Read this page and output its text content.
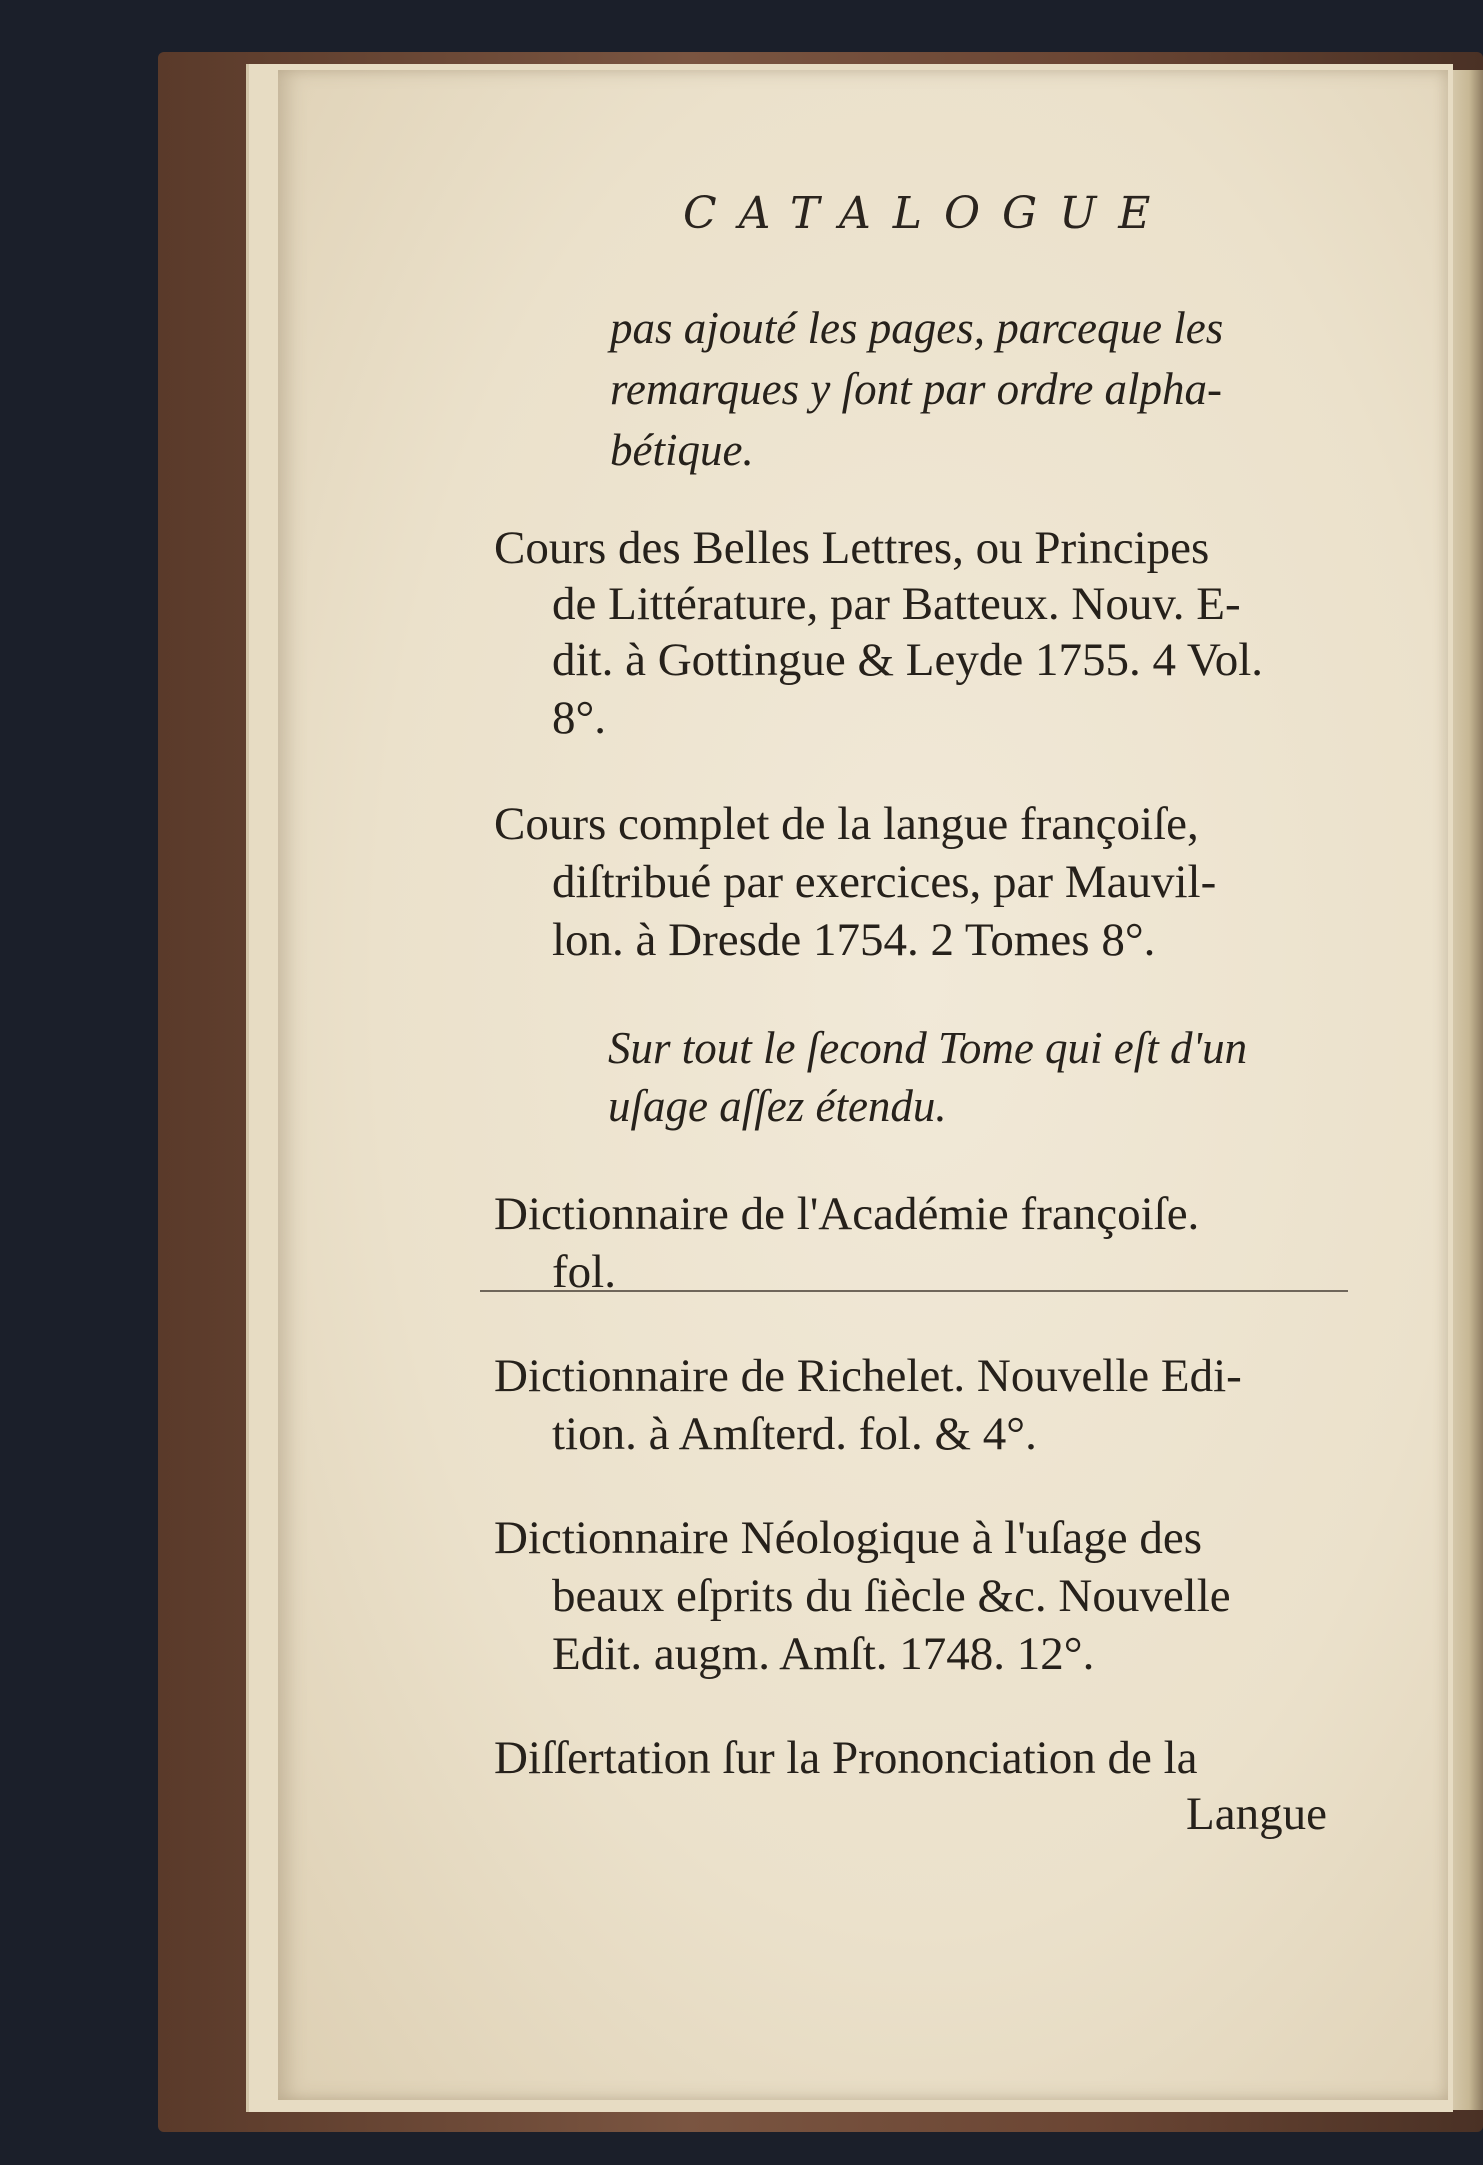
CATALOGUE
pas ajouté les pages, parceque les
remarques y ſont par ordre alpha-
bétique.
Cours des Belles Lettres, ou Principes
de Littérature, par Batteux. Nouv. E-
dit. à Gottingue & Leyde 1755. 4 Vol.
8°.
Cours complet de la langue françoiſe,
diſtribué par exercices, par Mauvil-
lon. à Dresde 1754. 2 Tomes 8°.
Sur tout le ſecond Tome qui eſt d'un
uſage aſſez étendu.
Dictionnaire de l'Académie françoiſe.
fol.
Dictionnaire de Richelet. Nouvelle Edi-
tion. à Amſterd. fol. & 4°.
Dictionnaire Néologique à l'uſage des
beaux eſprits du ſiècle &c. Nouvelle
Edit. augm. Amſt. 1748. 12°.
Diſſertation ſur la Prononciation de la
Langue
